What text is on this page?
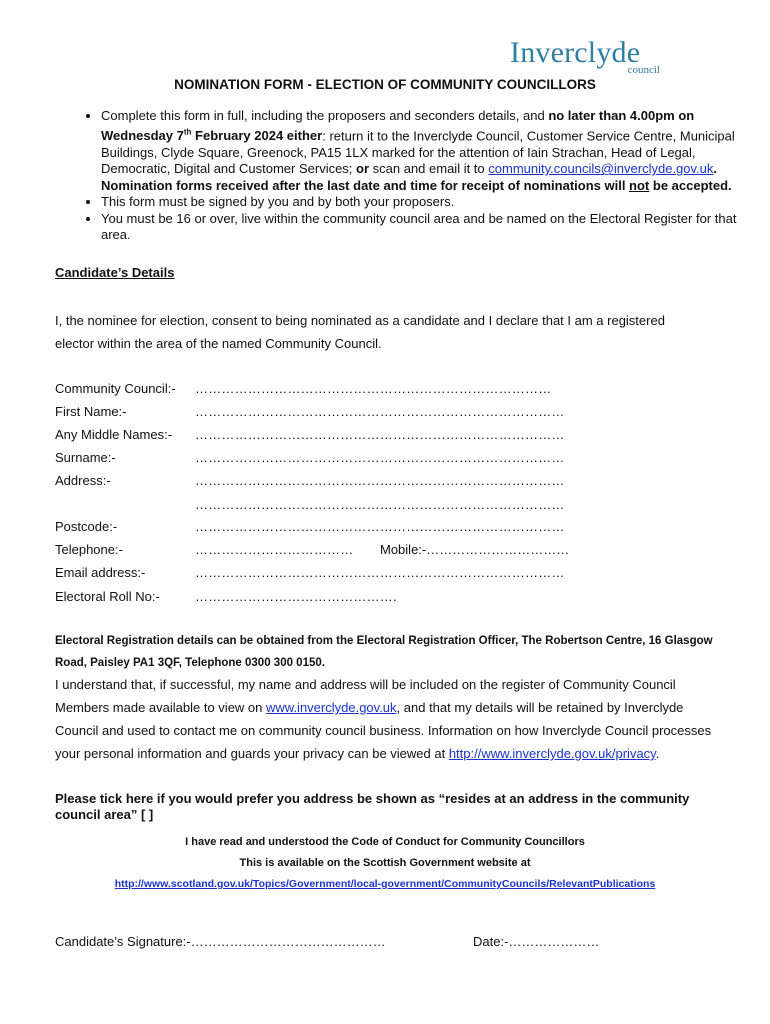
Inverclyde
council
NOMINATION FORM - ELECTION OF COMMUNITY COUNCILLORS
• Complete this form in full, including the proposers and seconders details, and no later than 4.00pm on Wednesday 7th February 2024 either: return it to the Inverclyde Council, Customer Service Centre, Municipal Buildings, Clyde Square, Greenock, PA15 1LX marked for the attention of Iain Strachan, Head of Legal, Democratic, Digital and Customer Services; or scan and email it to community.councils@inverclyde.gov.uk. Nomination forms received after the last date and time for receipt of nominations will not be accepted.
• This form must be signed by you and by both your proposers.
• You must be 16 or over, live within the community council area and be named on the Electoral Register for that area.
Candidate’s Details
I, the nominee for election, consent to being nominated as a candidate and I declare that I am a registered elector within the area of the named Community Council.
Community Council:- ………………………………………………………………………
First Name:-	…………………………………………………………………………
Any Middle Names:- …………………………………………………………………………
Surname:-	…………………………………………………………………………
Address:-	…………………………………………………………………………
…………………………………………………………………………
Postcode:-	…………………………………………………………………………
Telephone:-	……………………………… Mobile:-……………………………
Email address:-	…………………………………………………………………………
Electoral Roll No:-	……………………………………….
Electoral Registration details can be obtained from the Electoral Registration Officer, The Robertson Centre, 16 Glasgow Road, Paisley PA1 3QF, Telephone 0300 300 0150.
I understand that, if successful, my name and address will be included on the register of Community Council Members made available to view on www.inverclyde.gov.uk, and that my details will be retained by Inverclyde Council and used to contact me on community council business. Information on how Inverclyde Council processes your personal information and guards your privacy can be viewed at http://www.inverclyde.gov.uk/privacy.
Please tick here if you would prefer you address be shown as “resides at an address in the community council area” [ ]
I have read and understood the Code of Conduct for Community Councillors
This is available on the Scottish Government website at
http://www.scotland.gov.uk/Topics/Government/local-government/CommunityCouncils/RelevantPublications
Candidate’s Signature:-………………………………………	Date:-…………………
